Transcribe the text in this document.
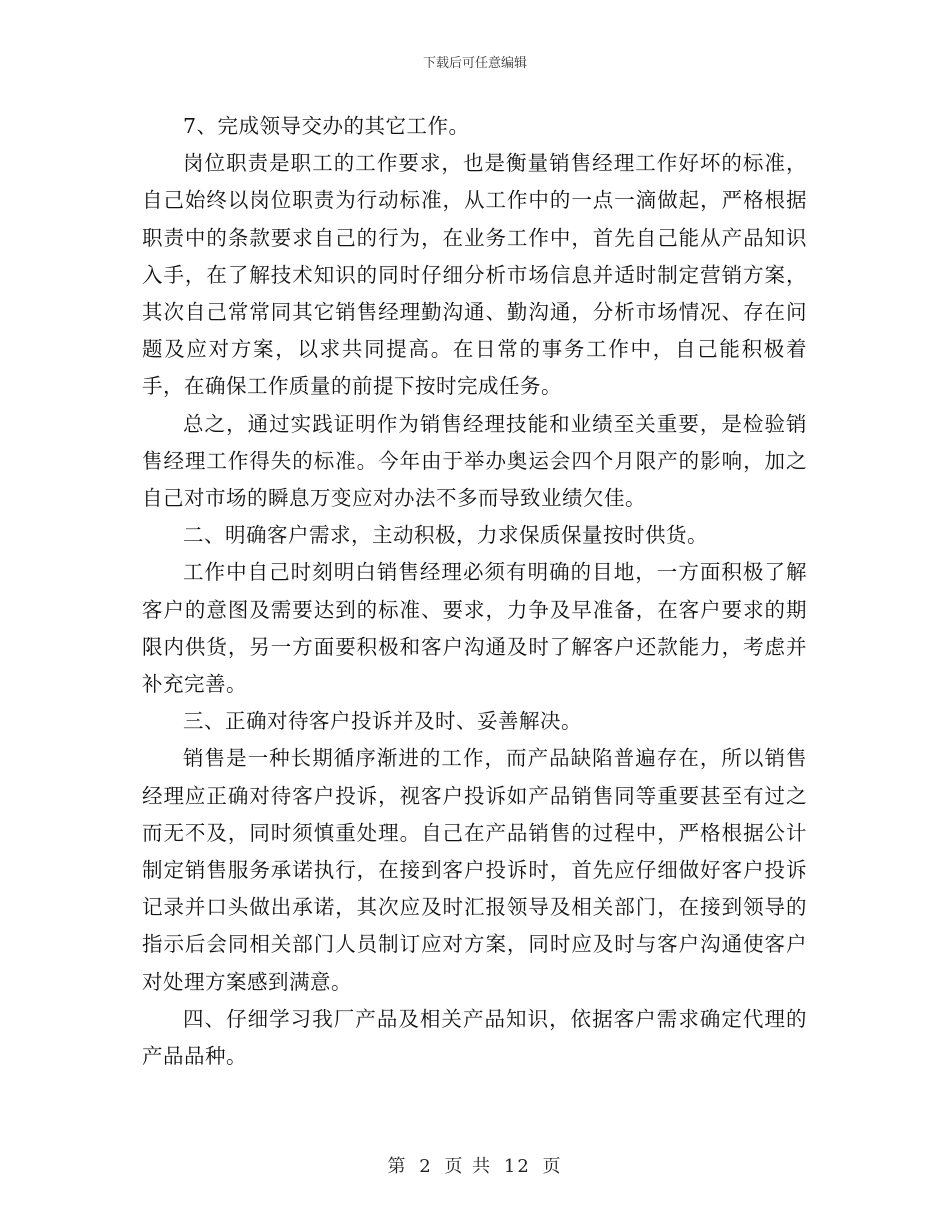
下载后可任意编辑

7、完成领导交办的其它工作。

岗位职责是职工的工作要求，也是衡量销售经理工作好坏的标准，自己始终以岗位职责为行动标准，从工作中的一点一滴做起，严格根据职责中的条款要求自己的行为，在业务工作中，首先自己能从产品知识入手，在了解技术知识的同时仔细分析市场信息并适时制定营销方案，其次自己常常同其它销售经理勤沟通、勤沟通，分析市场情况、存在问题及应对方案，以求共同提高。在日常的事务工作中，自己能积极着手，在确保工作质量的前提下按时完成任务。

总之，通过实践证明作为销售经理技能和业绩至关重要，是检验销售经理工作得失的标准。今年由于举办奥运会四个月限产的影响，加之自己对市场的瞬息万变应对办法不多而导致业绩欠佳。

二、明确客户需求，主动积极，力求保质保量按时供货。

工作中自己时刻明白销售经理必须有明确的目地，一方面积极了解客户的意图及需要达到的标准、要求，力争及早准备，在客户要求的期限内供货，另一方面要积极和客户沟通及时了解客户还款能力，考虑并补充完善。

三、正确对待客户投诉并及时、妥善解决。

销售是一种长期循序渐进的工作，而产品缺陷普遍存在，所以销售经理应正确对待客户投诉，视客户投诉如产品销售同等重要甚至有过之而无不及，同时须慎重处理。自己在产品销售的过程中，严格根据公计制定销售服务承诺执行，在接到客户投诉时，首先应仔细做好客户投诉记录并口头做出承诺，其次应及时汇报领导及相关部门，在接到领导的指示后会同相关部门人员制订应对方案，同时应及时与客户沟通使客户对处理方案感到满意。

四、仔细学习我厂产品及相关产品知识，依据客户需求确定代理的产品品种。

第 2 页 共 12 页
